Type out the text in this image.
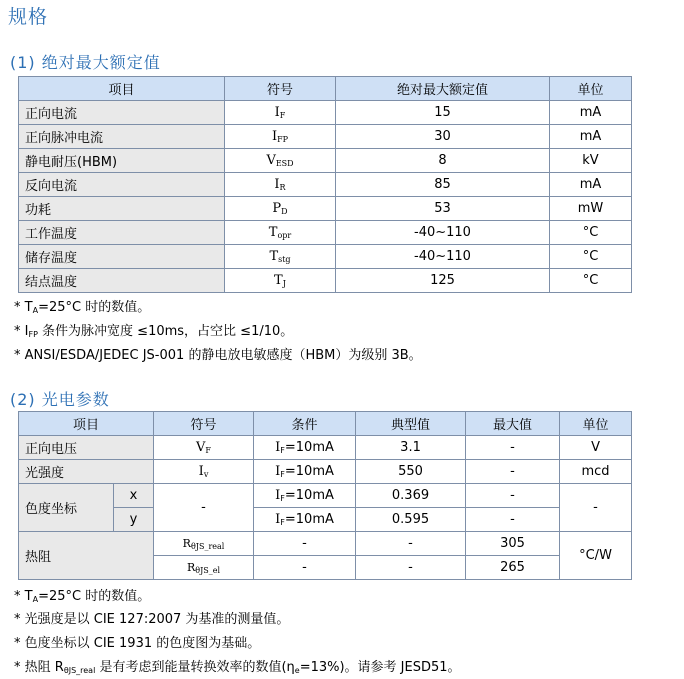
规格
(1) 绝对最大额定值
项目	符号	绝对最大额定值	单位
正向电流	$I_F$	15	mA
正向脉冲电流	$I_{FP}$	30	mA
静电耐压(HBM)	$V_{ESD}$	8	kV
反向电流	$I_R$	85	mA
功耗	$P_D$	53	mW
工作温度	$T_{opr}$	-40~110	°C
储存温度	$T_{stg}$	-40~110	°C
结点温度	$T_J$	125	°C
* $T_A=25^\circ C$ 时的数值。
* $I_{FP}$ 条件为脉冲宽度 ≤10ms，占空比 ≤1/10。
* ANSI/ESDA/JEDEC JS-001 的静电放电敏感度（HBM）为级别 3B。
(2) 光电参数
项目		符号	条件	典型值	最大值	单位
正向电压		$V_F$	$I_F=10mA$	3.1	-	V
光强度		$I_v$	$I_F=10mA$	550	-	mcd
色度坐标	x	-	$I_F=10mA$	0.369	-	-
	y		$I_F=10mA$	0.595	-	
热阻		$R_{\theta JS\_real}$	-	-	305	°C/W
		$R_{\theta JS\_el}$	-	-	265	
* $T_A=25^\circ C$ 时的数值。
* 光强度是以 CIE 127:2007 为基准的测量值。
* 色度坐标以 CIE 1931 的色度图为基础。
* 热阻 $R_{\theta JS\_real}$ 是有考虑到能量转换效率的数值$(\eta_e=13\%)$。请参考 JESD51。
